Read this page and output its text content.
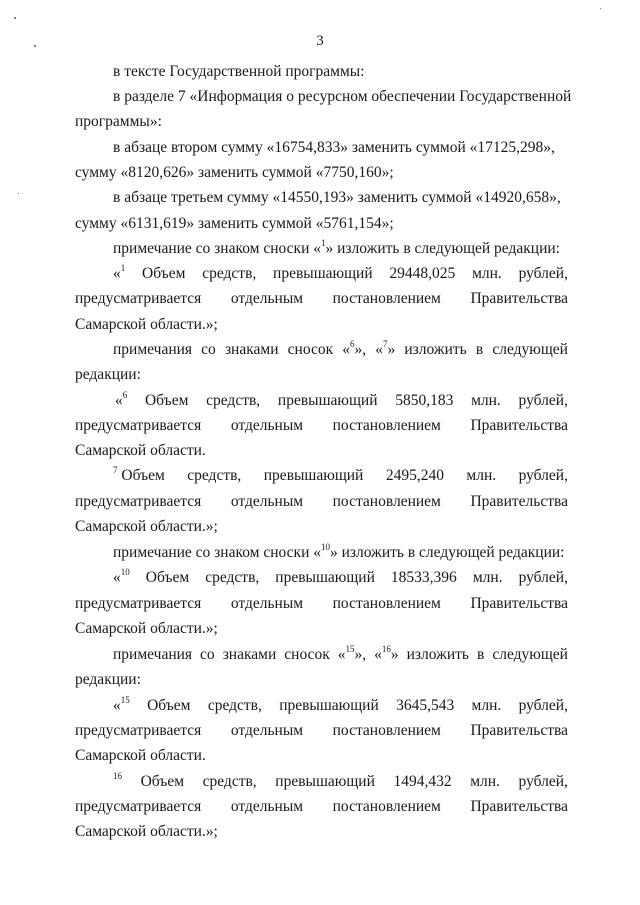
3
в тексте Государственной программы:
в разделе 7 «Информация о ресурсном обеспечении Государственной
программы»:
в абзаце втором сумму «16754,833» заменить суммой «17125,298»,
сумму «8120,626» заменить суммой «7750,160»;
в абзаце третьем сумму «14550,193» заменить суммой «14920,658»,
сумму «6131,619» заменить суммой «5761,154»;
примечание со знаком сноски «$^1$» изложить в следующей редакции:
«$^1$ Объем средств, превышающий 29448,025 млн. рублей,
предусматривается отдельным постановлением Правительства
Самарской области.»;
примечания со знаками сносок «$^6$», «$^7$» изложить в следующей
редакции:
«$^6$ Объем средств, превышающий 5850,183 млн. рублей,
предусматривается отдельным постановлением Правительства
Самарской области.
$^7$ Объем средств, превышающий 2495,240 млн. рублей,
предусматривается отдельным постановлением Правительства
Самарской области.»;
примечание со знаком сноски «$^{10}$» изложить в следующей редакции:
«$^{10}$ Объем средств, превышающий 18533,396 млн. рублей,
предусматривается отдельным постановлением Правительства
Самарской области.»;
примечания со знаками сносок «$^{15}$», «$^{16}$» изложить в следующей
редакции:
«$^{15}$ Объем средств, превышающий 3645,543 млн. рублей,
предусматривается отдельным постановлением Правительства
Самарской области.
$^{16}$ Объем средств, превышающий 1494,432 млн. рублей,
предусматривается отдельным постановлением Правительства
Самарской области.»;
